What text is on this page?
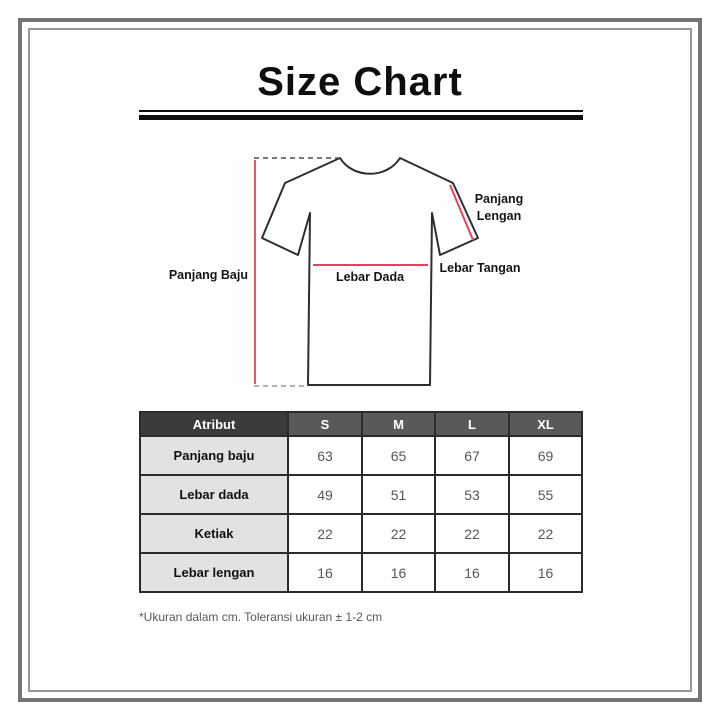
Size Chart
Panjang Baju	Lebar Dada
Panjang
Lengan
Lebar Tangan
Atribut	S	M	L	XL
Panjang baju	63	65	67	69
Lebar dada	49	51	53	55
Ketiak	22	22	22	22
Lebar lengan	16	16	16	16
*Ukuran dalam cm. Toleransi ukuran ± 1-2 cm
